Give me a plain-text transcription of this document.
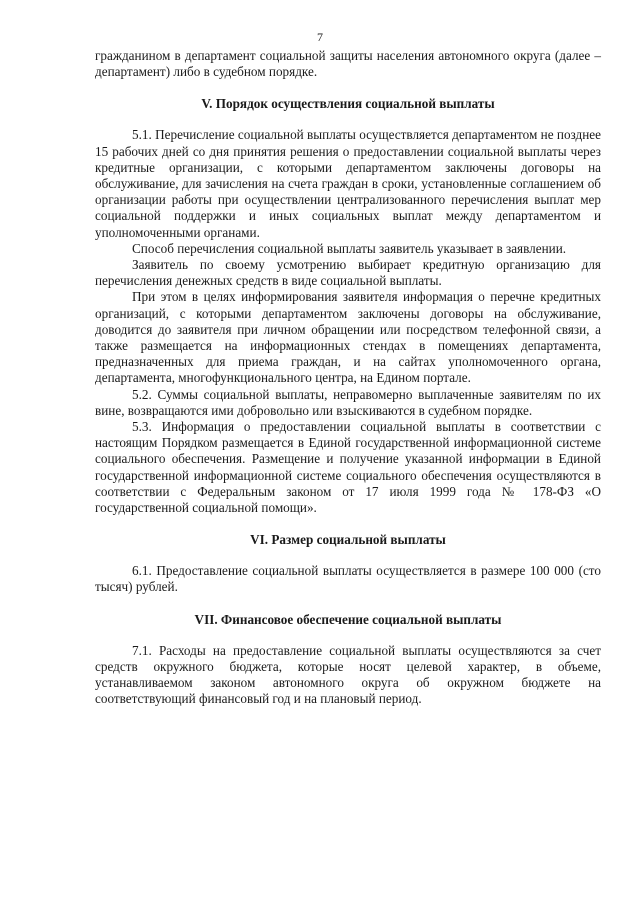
7

гражданином в департамент социальной защиты населения автономного округа (далее – департамент) либо в судебном порядке.

V. Порядок осуществления социальной выплаты

5.1. Перечисление социальной выплаты осуществляется департаментом не позднее 15 рабочих дней со дня принятия решения о предоставлении социальной выплаты через кредитные организации, с которыми департаментом заключены договоры на обслуживание, для зачисления на счета граждан в сроки, установленные соглашением об организации работы при осуществлении централизованного перечисления выплат мер социальной поддержки и иных социальных выплат между департаментом и уполномоченными органами.

Способ перечисления социальной выплаты заявитель указывает в заявлении.

Заявитель по своему усмотрению выбирает кредитную организацию для перечисления денежных средств в виде социальной выплаты.

При этом в целях информирования заявителя информация о перечне кредитных организаций, с которыми департаментом заключены договоры на обслуживание, доводится до заявителя при личном обращении или посредством телефонной связи, а также размещается на информационных стендах в помещениях департамента, предназначенных для приема граждан, и на сайтах уполномоченного органа, департамента, многофункционального центра, на Едином портале.

5.2. Суммы социальной выплаты, неправомерно выплаченные заявителям по их вине, возвращаются ими добровольно или взыскиваются в судебном порядке.

5.3. Информация о предоставлении социальной выплаты в соответствии с настоящим Порядком размещается в Единой государственной информационной системе социального обеспечения. Размещение и получение указанной информации в Единой государственной информационной системе социального обеспечения осуществляются в соответствии с Федеральным законом от 17 июля 1999 года № 178-ФЗ «О государственной социальной помощи».

VI. Размер социальной выплаты

6.1. Предоставление социальной выплаты осуществляется в размере 100 000 (сто тысяч) рублей.

VII. Финансовое обеспечение социальной выплаты

7.1. Расходы на предоставление социальной выплаты осуществляются за счет средств окружного бюджета, которые носят целевой характер, в объеме, устанавливаемом законом автономного округа об окружном бюджете на соответствующий финансовый год и на плановый период.
